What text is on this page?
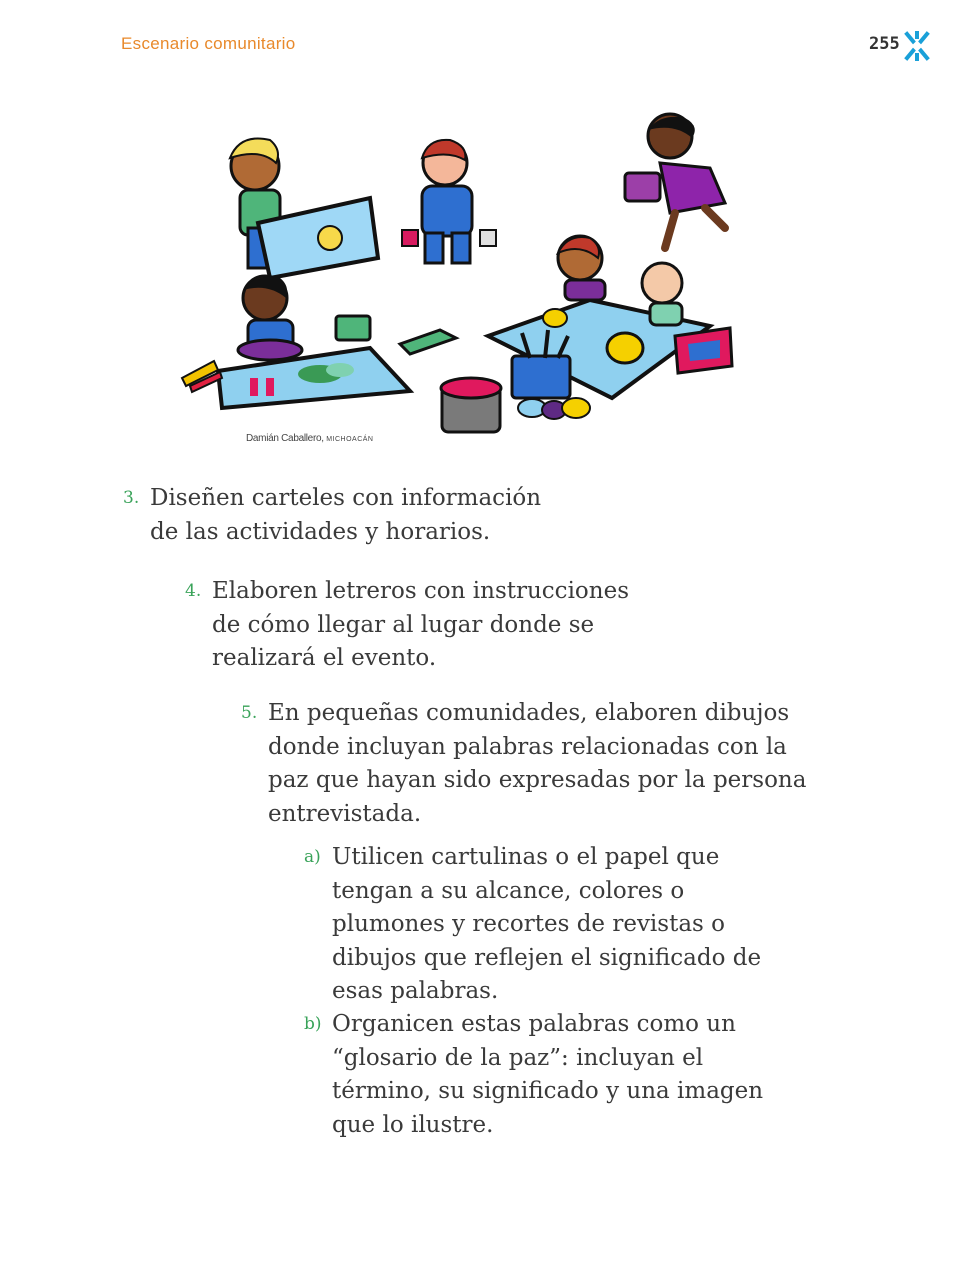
Escenario comunitario	255
Damián Caballero, MICHOACÁN
3. Diseñen carteles con información
de las actividades y horarios.
4. Elaboren letreros con instrucciones
de cómo llegar al lugar donde se
realizará el evento.
5. En pequeñas comunidades, elaboren dibujos
donde incluyan palabras relacionadas con la
paz que hayan sido expresadas por la persona
entrevistada.
a) Utilicen cartulinas o el papel que
tengan a su alcance, colores o
plumones y recortes de revistas o
dibujos que reflejen el significado de
esas palabras.
b) Organicen estas palabras como un
“glosario de la paz”: incluyan el
término, su significado y una imagen
que lo ilustre.
